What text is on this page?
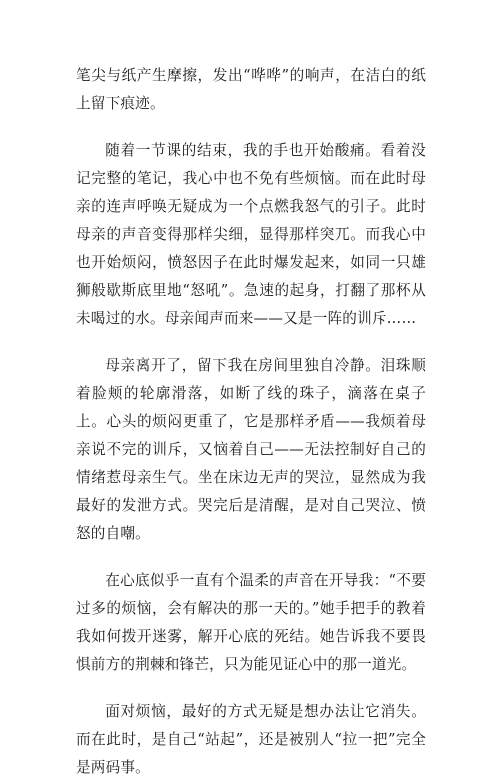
笔尖与纸产生摩擦，发出“哗哗”的响声，在洁白的纸上留下痕迹。

随着一节课的结束，我的手也开始酸痛。看着没记完整的笔记，我心中也不免有些烦恼。而在此时母亲的连声呼唤无疑成为一个点燃我怒气的引子。此时母亲的声音变得那样尖细，显得那样突兀。而我心中也开始烦闷，愤怒因子在此时爆发起来，如同一只雄狮般歇斯底里地“怒吼”。急速的起身，打翻了那杯从未喝过的水。母亲闻声而来——又是一阵的训斥……

母亲离开了，留下我在房间里独自冷静。泪珠顺着脸颊的轮廓滑落，如断了线的珠子，滴落在桌子上。心头的烦闷更重了，它是那样矛盾——我烦着母亲说不完的训斥，又恼着自己——无法控制好自己的情绪惹母亲生气。坐在床边无声的哭泣，显然成为我最好的发泄方式。哭完后是清醒，是对自己哭泣、愤怒的自嘲。

在心底似乎一直有个温柔的声音在开导我：“不要过多的烦恼，会有解决的那一天的。”她手把手的教着我如何拨开迷雾，解开心底的死结。她告诉我不要畏惧前方的荆棘和锋芒，只为能见证心中的那一道光。

面对烦恼，最好的方式无疑是想办法让它消失。而在此时，是自己“站起”，还是被别人“拉一把”完全是两码事。
